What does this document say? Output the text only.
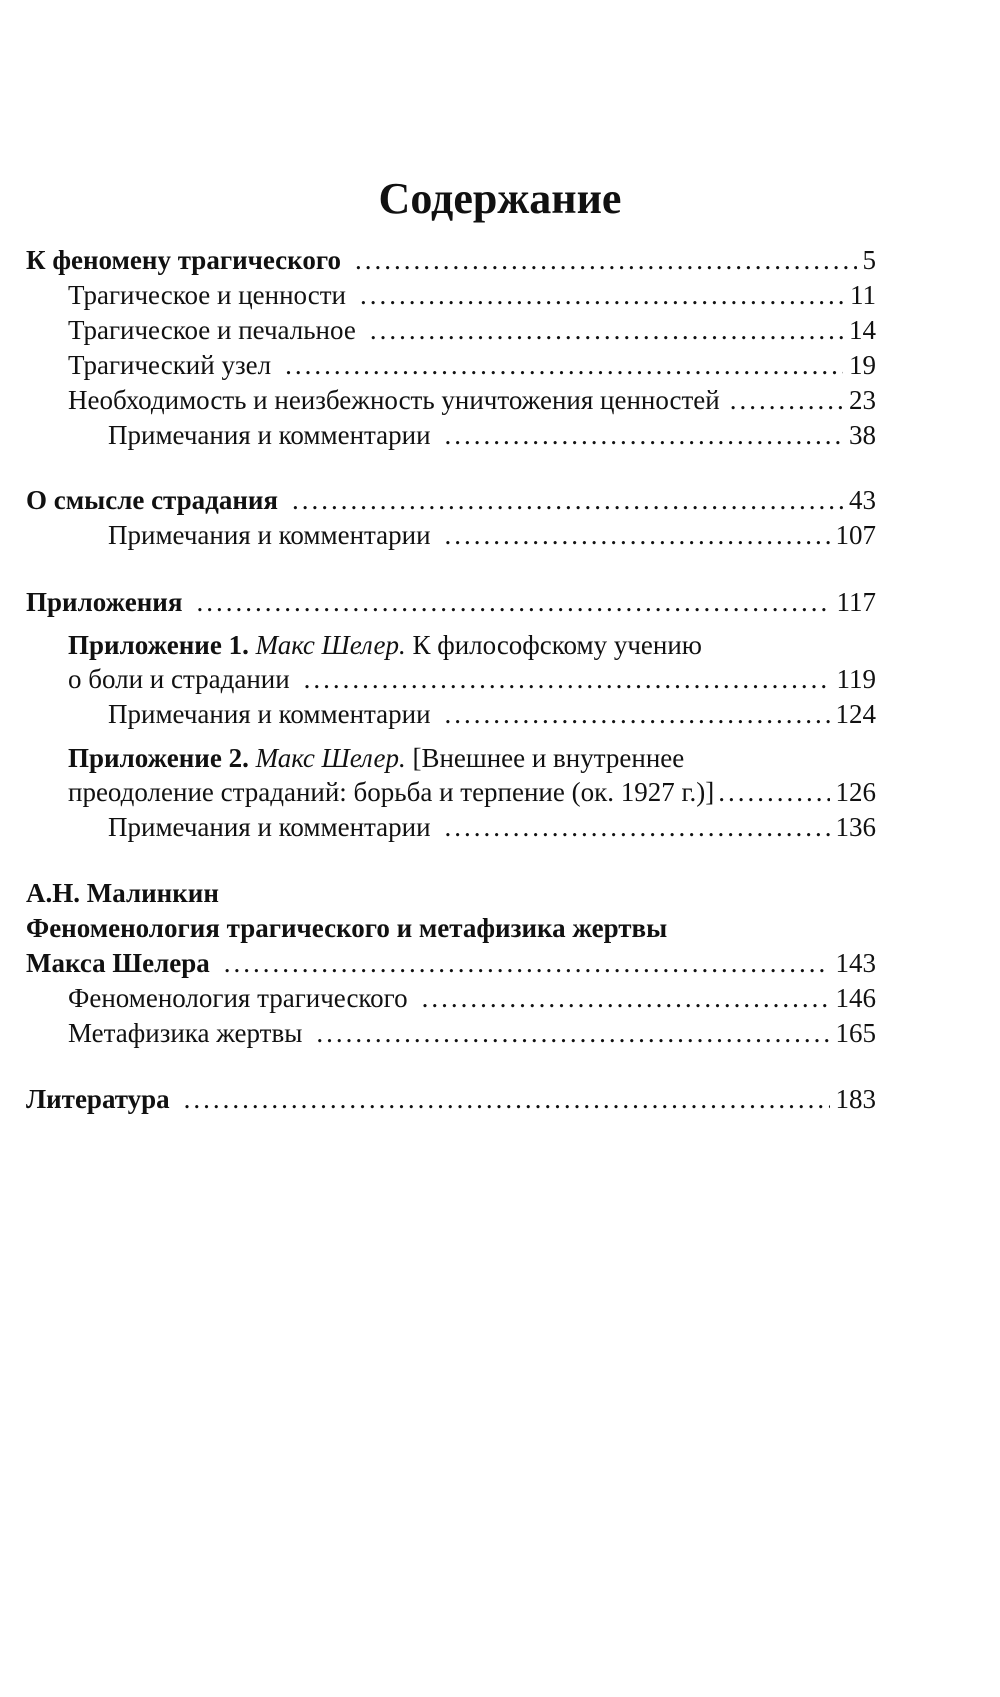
Содержание
К феномену трагического .....	5
Трагическое и ценности .....	11
Трагическое и печальное .....	14
Трагический узел .....	19
Необходимость и неизбежность уничтожения ценностей .....	23
Примечания и комментарии .....	38
О смысле страдания .....	43
Примечания и комментарии .....	107
Приложения .....	117
Приложение 1. Макс Шелер. К философскому учению
о боли и страдании .....	119
Примечания и комментарии .....	124
Приложение 2. Макс Шелер. [Внешнее и внутреннее
преодоление страданий: борьба и терпение (ок. 1927 г.)] .....	126
Примечания и комментарии .....	136
А.Н. Малинкин
Феноменология трагического и метафизика жертвы
Макса Шелера .....	143
Феноменология трагического .....	146
Метафизика жертвы .....	165
Литература .....	183
